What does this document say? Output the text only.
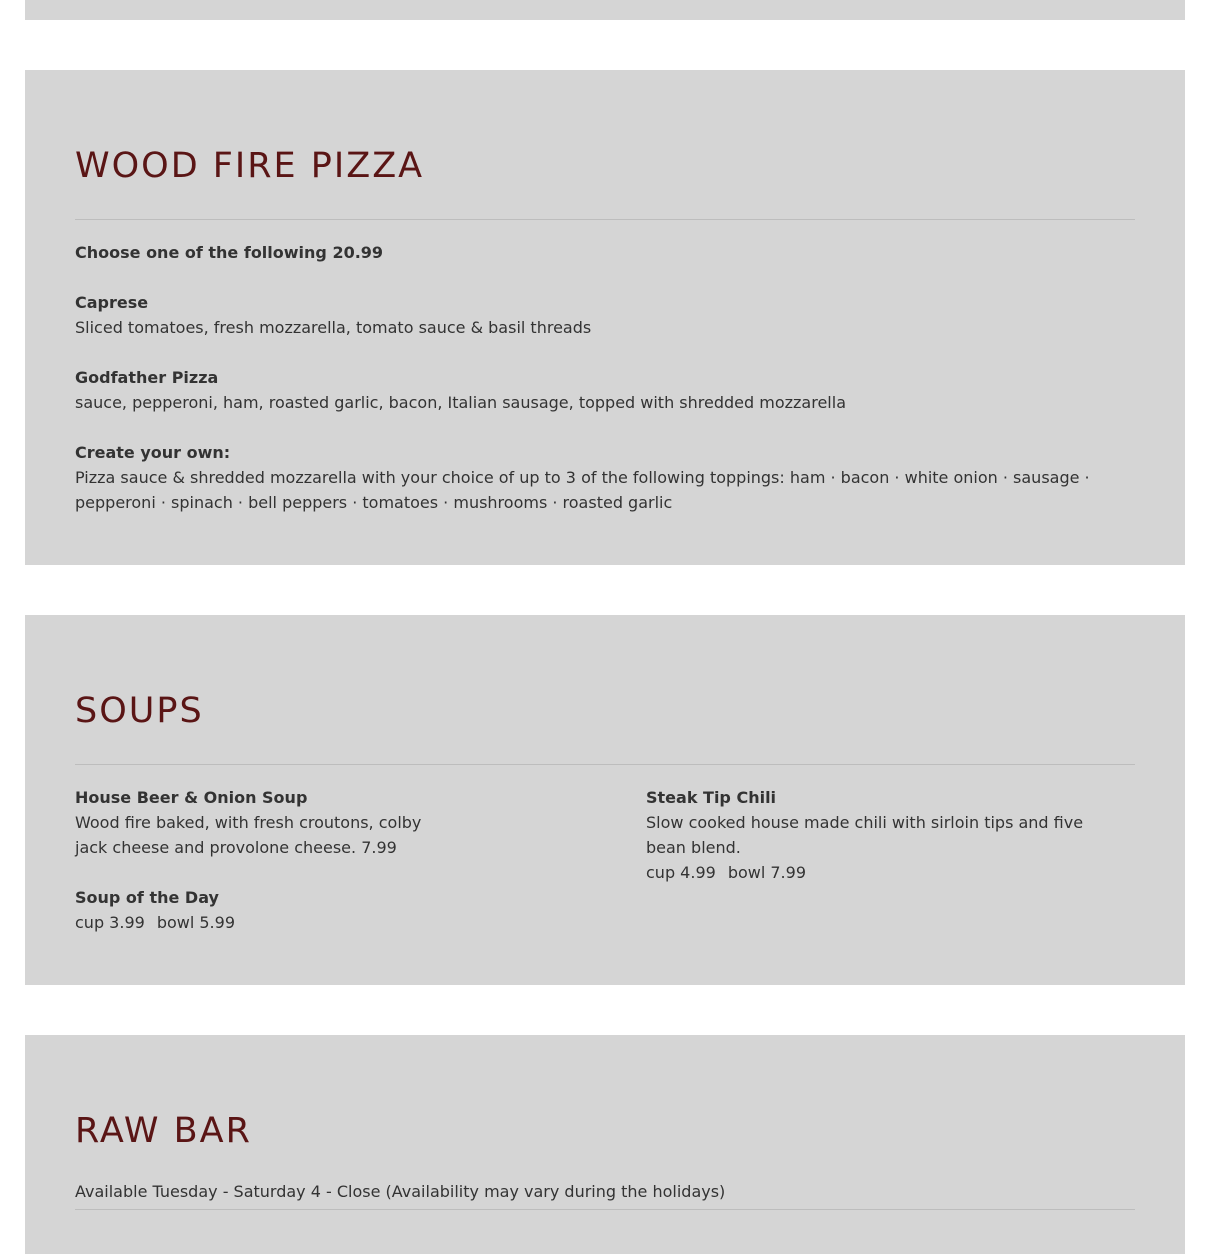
WOOD FIRE PIZZA

Choose one of the following 20.99

Caprese

Sliced tomatoes, fresh mozzarella, tomato sauce & basil threads

Godfather Pizza

sauce, pepperoni, ham, roasted garlic, bacon, Italian sausage, topped with shredded mozzarella

Create your own:

Pizza sauce & shredded mozzarella with your choice of up to 3 of the following toppings: ham · bacon · white onion · sausage · pepperoni · spinach · bell peppers · tomatoes · mushrooms · roasted garlic

SOUPS

House Beer & Onion Soup

Wood fire baked, with fresh croutons, colby jack cheese and provolone cheese. 7.99

Soup of the Day

cup 3.99 bowl 5.99

Steak Tip Chili

Slow cooked house made chili with sirloin tips and five bean blend.

cup 4.99 bowl 7.99

RAW BAR

Available Tuesday - Saturday 4 - Close (Availability may vary during the holidays)
